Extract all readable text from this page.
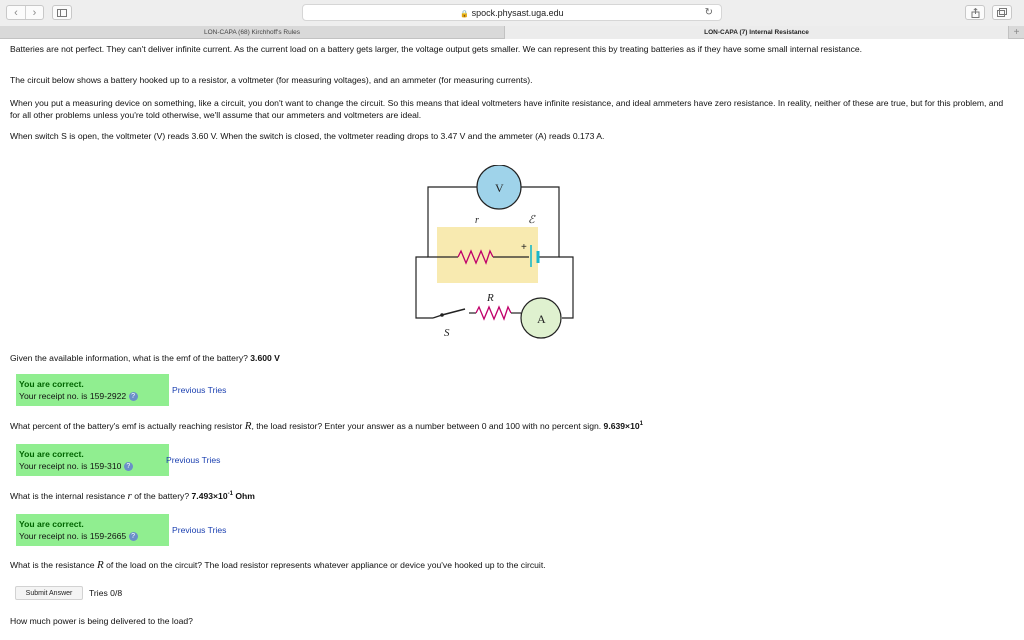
‹	›	🔒 spock.physast.uga.edu	↻
LON-CAPA (68) Kirchhoff's Rules	LON-CAPA (7) Internal Resistance	+
Batteries are not perfect. They can't deliver infinite current. As the current load on a battery gets larger, the voltage output gets smaller. We can represent this by treating batteries as if they have some small internal resistance.
The circuit below shows a battery hooked up to a resistor, a voltmeter (for measuring voltages), and an ammeter (for measuring currents).
When you put a measuring device on something, like a circuit, you don't want to change the circuit. So this means that ideal voltmeters have infinite resistance, and ideal ammeters have zero resistance. In reality, neither of these are true, but for this problem, and for all other problems unless you're told otherwise, we'll assume that our ammeters and voltmeters are ideal.
When switch S is open, the voltmeter (V) reads 3.60 V. When the switch is closed, the voltmeter reading drops to 3.47 V and the ammeter (A) reads 0.173 A.
+
r	ℰ
V
S
R
A
Given the available information, what is the emf of the battery? 3.600 V
You are correct.
Your receipt no. is 159-2922 ?
Previous Tries
What percent of the battery's emf is actually reaching resistor R, the load resistor? Enter your answer as a number between 0 and 100 with no percent sign. $9.639\times 10^1$
You are correct.
Your receipt no. is 159-310 ?
Previous Tries
What is the internal resistance r of the battery? $7.493\times 10^{-1}$ Ohm
You are correct.
Your receipt no. is 159-2665 ?
Previous Tries
What is the resistance R of the load on the circuit? The load resistor represents whatever appliance or device you've hooked up to the circuit.
Submit Answer	Tries 0/8
How much power is being delivered to the load?
